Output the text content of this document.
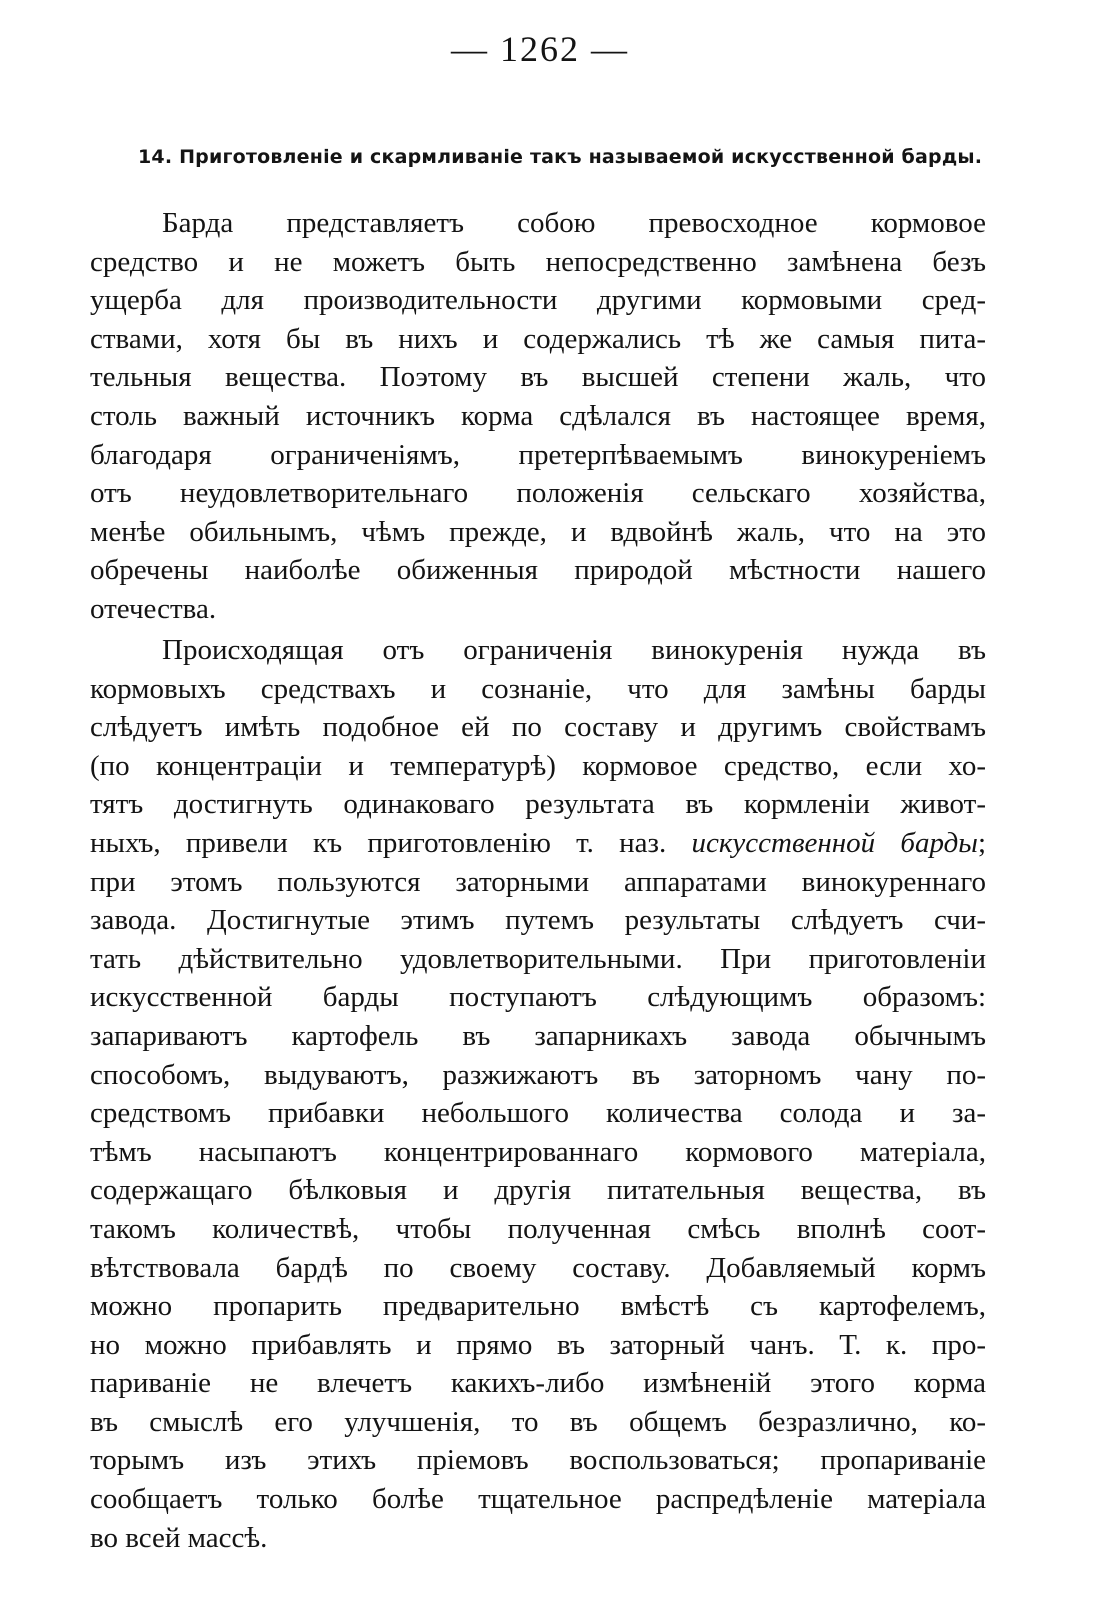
— 1262 —
14. Приготовленіе и скармливаніе такъ называемой искусственной барды.
Барда представляетъ собою превосходное кормовое
средство и не можетъ быть непосредственно замѣнена безъ
ущерба для производительности другими кормовыми сред-
ствами, хотя бы въ нихъ и содержались тѣ же самыя пита-
тельныя вещества. Поэтому въ высшей степени жаль, что
столь важный источникъ корма сдѣлался въ настоящее время,
благодаря ограниченіямъ, претерпѣваемымъ винокуреніемъ
отъ неудовлетворительнаго положенія сельскаго хозяйства,
менѣе обильнымъ, чѣмъ прежде, и вдвойнѣ жаль, что на это
обречены наиболѣе обиженныя природой мѣстности нашего
отечества.
Происходящая отъ ограниченія винокуренія нужда въ
кормовыхъ средствахъ и сознаніе, что для замѣны барды
слѣдуетъ имѣть подобное ей по составу и другимъ свойствамъ
(по концентраціи и температурѣ) кормовое средство, если хо-
тятъ достигнуть одинаковаго результата въ кормленіи живот-
ныхъ, привели къ приготовленію т. наз. искусственной барды;
при этомъ пользуются заторными аппаратами винокуреннаго
завода. Достигнутые этимъ путемъ результаты слѣдуетъ счи-
тать дѣйствительно удовлетворительными. При приготовленіи
искусственной барды поступаютъ слѣдующимъ образомъ:
запариваютъ картофель въ запарникахъ завода обычнымъ
способомъ, выдуваютъ, разжижаютъ въ заторномъ чану по-
средствомъ прибавки небольшого количества солода и за-
тѣмъ насыпаютъ концентрированнаго кормового матеріала,
содержащаго бѣлковыя и другія питательныя вещества, въ
такомъ количествѣ, чтобы полученная смѣсь вполнѣ соот-
вѣтствовала бардѣ по своему составу. Добавляемый кормъ
можно пропарить предварительно вмѣстѣ съ картофелемъ,
но можно прибавлять и прямо въ заторный чанъ. Т. к. про-
париваніе не влечетъ какихъ-либо измѣненій этого корма
въ смыслѣ его улучшенія, то въ общемъ безразлично, ко-
торымъ изъ этихъ пріемовъ воспользоваться; пропариваніе
сообщаетъ только болѣе тщательное распредѣленіе матеріала
во всей массѣ.
